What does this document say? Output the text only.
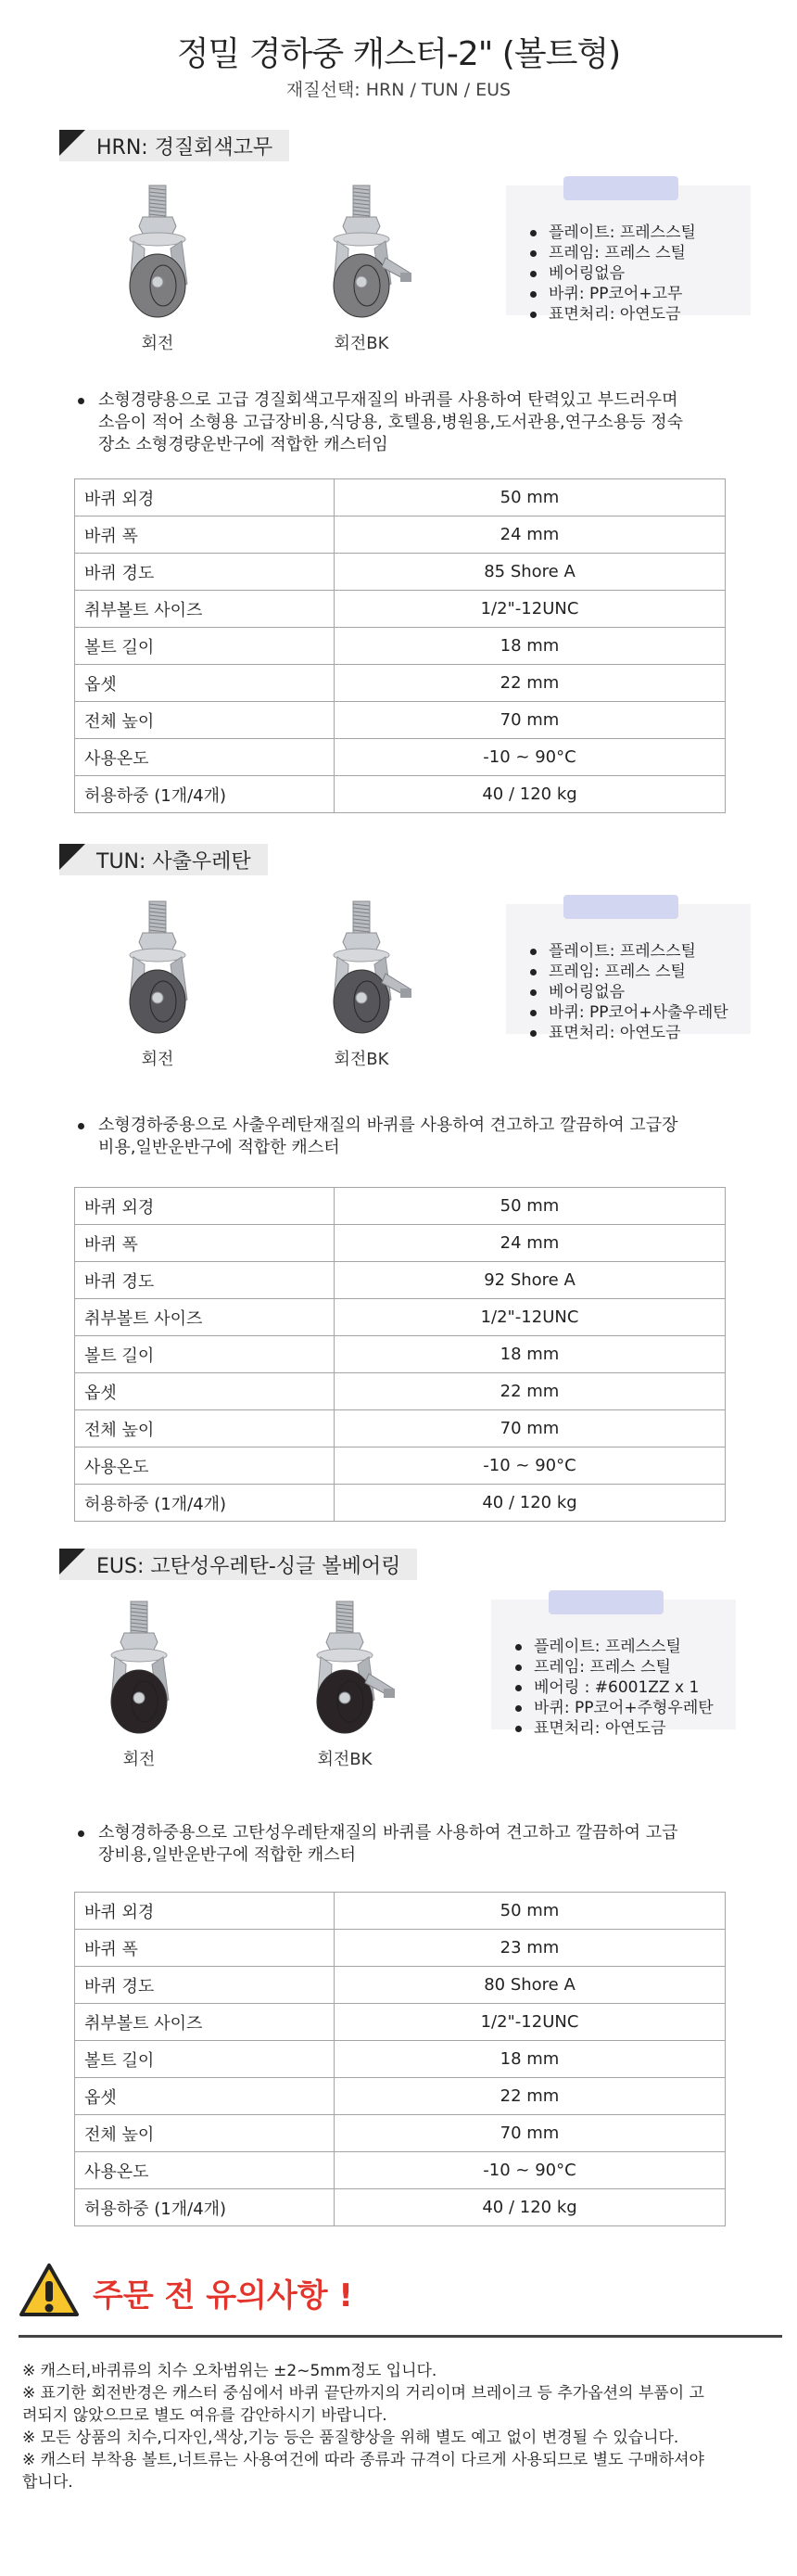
정밀 경하중 캐스터-2" (볼트형)
재질선택: HRN / TUN / EUS
HRN: 경질회색고무
회전	회전BK
플레이트: 프레스스틸
프레임: 프레스 스틸
베어링없음
바퀴: PP코어+고무
표면처리: 아연도금
소형경량용으로 고급 경질회색고무재질의 바퀴를 사용하여 탄력있고 부드러우며
소음이 적어 소형용 고급장비용,식당용, 호텔용,병원용,도서관용,연구소용등 정숙
장소 소형경량운반구에 적합한 캐스터임
바퀴 외경	50 mm
바퀴 폭	24 mm
바퀴 경도	85 Shore A
취부볼트 사이즈	1/2"-12UNC
볼트 길이	18 mm
옵셋	22 mm
전체 높이	70 mm
사용온도	-10 ~ 90°C
허용하중 (1개/4개)	40 / 120 kg
TUN: 사출우레탄
회전	회전BK
플레이트: 프레스스틸
프레임: 프레스 스틸
베어링없음
바퀴: PP코어+사출우레탄
표면처리: 아연도금
소형경하중용으로 사출우레탄재질의 바퀴를 사용하여 견고하고 깔끔하여 고급장
비용,일반운반구에 적합한 캐스터
바퀴 외경	50 mm
바퀴 폭	24 mm
바퀴 경도	92 Shore A
취부볼트 사이즈	1/2"-12UNC
볼트 길이	18 mm
옵셋	22 mm
전체 높이	70 mm
사용온도	-10 ~ 90°C
허용하중 (1개/4개)	40 / 120 kg
EUS: 고탄성우레탄-싱글 볼베어링
회전	회전BK
플레이트: 프레스스틸
프레임: 프레스 스틸
베어링 : #6001ZZ x 1
바퀴: PP코어+주형우레탄
표면처리: 아연도금
소형경하중용으로 고탄성우레탄재질의 바퀴를 사용하여 견고하고 깔끔하여 고급
장비용,일반운반구에 적합한 캐스터
바퀴 외경	50 mm
바퀴 폭	23 mm
바퀴 경도	80 Shore A
취부볼트 사이즈	1/2"-12UNC
볼트 길이	18 mm
옵셋	22 mm
전체 높이	70 mm
사용온도	-10 ~ 90°C
허용하중 (1개/4개)	40 / 120 kg
주문 전 유의사항 !

※ 캐스터,바퀴류의 치수 오차범위는 ±2~5mm정도 입니다.

※ 표기한 회전반경은 캐스터 중심에서 바퀴 끝단까지의 거리이며 브레이크 등 추가옵션의 부품이 고

려되지 않았으므로 별도 여유를 감안하시기 바랍니다.

※ 모든 상품의 치수,디자인,색상,기능 등은 품질향상을 위해 별도 예고 없이 변경될 수 있습니다.

※ 캐스터 부착용 볼트,너트류는 사용여건에 따라 종류과 규격이 다르게 사용되므로 별도 구매하셔야

합니다.
